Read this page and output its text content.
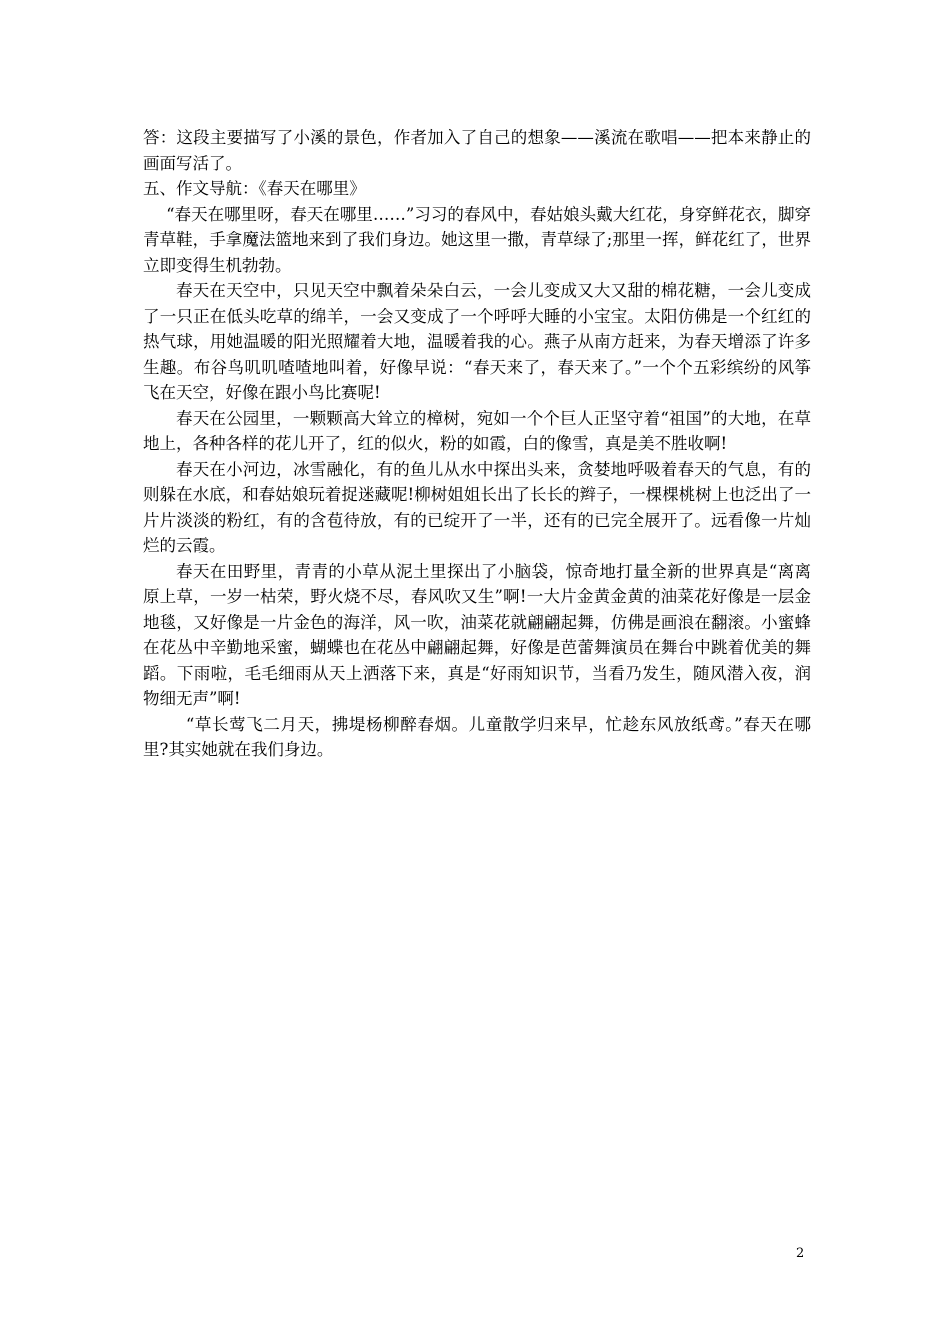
答：这段主要描写了小溪的景色，作者加入了自己的想象——溪流在歌唱——把本来静止的画面写活了。

五、作文导航：《春天在哪里》

“春天在哪里呀，春天在哪里……”习习的春风中，春姑娘头戴大红花，身穿鲜花衣，脚穿青草鞋，手拿魔法篮地来到了我们身边。她这里一撒，青草绿了;那里一挥，鲜花红了，世界立即变得生机勃勃。

春天在天空中，只见天空中飘着朵朵白云，一会儿变成又大又甜的棉花糖，一会儿变成了一只正在低头吃草的绵羊，一会又变成了一个呼呼大睡的小宝宝。太阳仿佛是一个红红的热气球，用她温暖的阳光照耀着大地，温暖着我的心。燕子从南方赶来，为春天增添了许多生趣。布谷鸟叽叽喳喳地叫着，好像早说：“春天来了，春天来了。”一个个五彩缤纷的风筝飞在天空，好像在跟小鸟比赛呢!

春天在公园里，一颗颗高大耸立的樟树，宛如一个个巨人正坚守着“祖国”的大地，在草地上，各种各样的花儿开了，红的似火，粉的如霞，白的像雪，真是美不胜收啊!

春天在小河边，冰雪融化，有的鱼儿从水中探出头来，贪婪地呼吸着春天的气息，有的则躲在水底，和春姑娘玩着捉迷藏呢!柳树姐姐长出了长长的辫子，一棵棵桃树上也泛出了一片片淡淡的粉红，有的含苞待放，有的已绽开了一半，还有的已完全展开了。远看像一片灿烂的云霞。

春天在田野里，青青的小草从泥土里探出了小脑袋，惊奇地打量全新的世界真是“离离原上草，一岁一枯荣，野火烧不尽，春风吹又生”啊!一大片金黄金黄的油菜花好像是一层金地毯，又好像是一片金色的海洋，风一吹，油菜花就翩翩起舞，仿佛是画浪在翻滚。小蜜蜂在花丛中辛勤地采蜜，蝴蝶也在花丛中翩翩起舞，好像是芭蕾舞演员在舞台中跳着优美的舞蹈。下雨啦，毛毛细雨从天上洒落下来，真是“好雨知识节，当看乃发生，随风潜入夜，润物细无声”啊!

“草长莺飞二月天，拂堤杨柳醉春烟。儿童散学归来早，忙趁东风放纸鸢。”春天在哪里?其实她就在我们身边。

2
